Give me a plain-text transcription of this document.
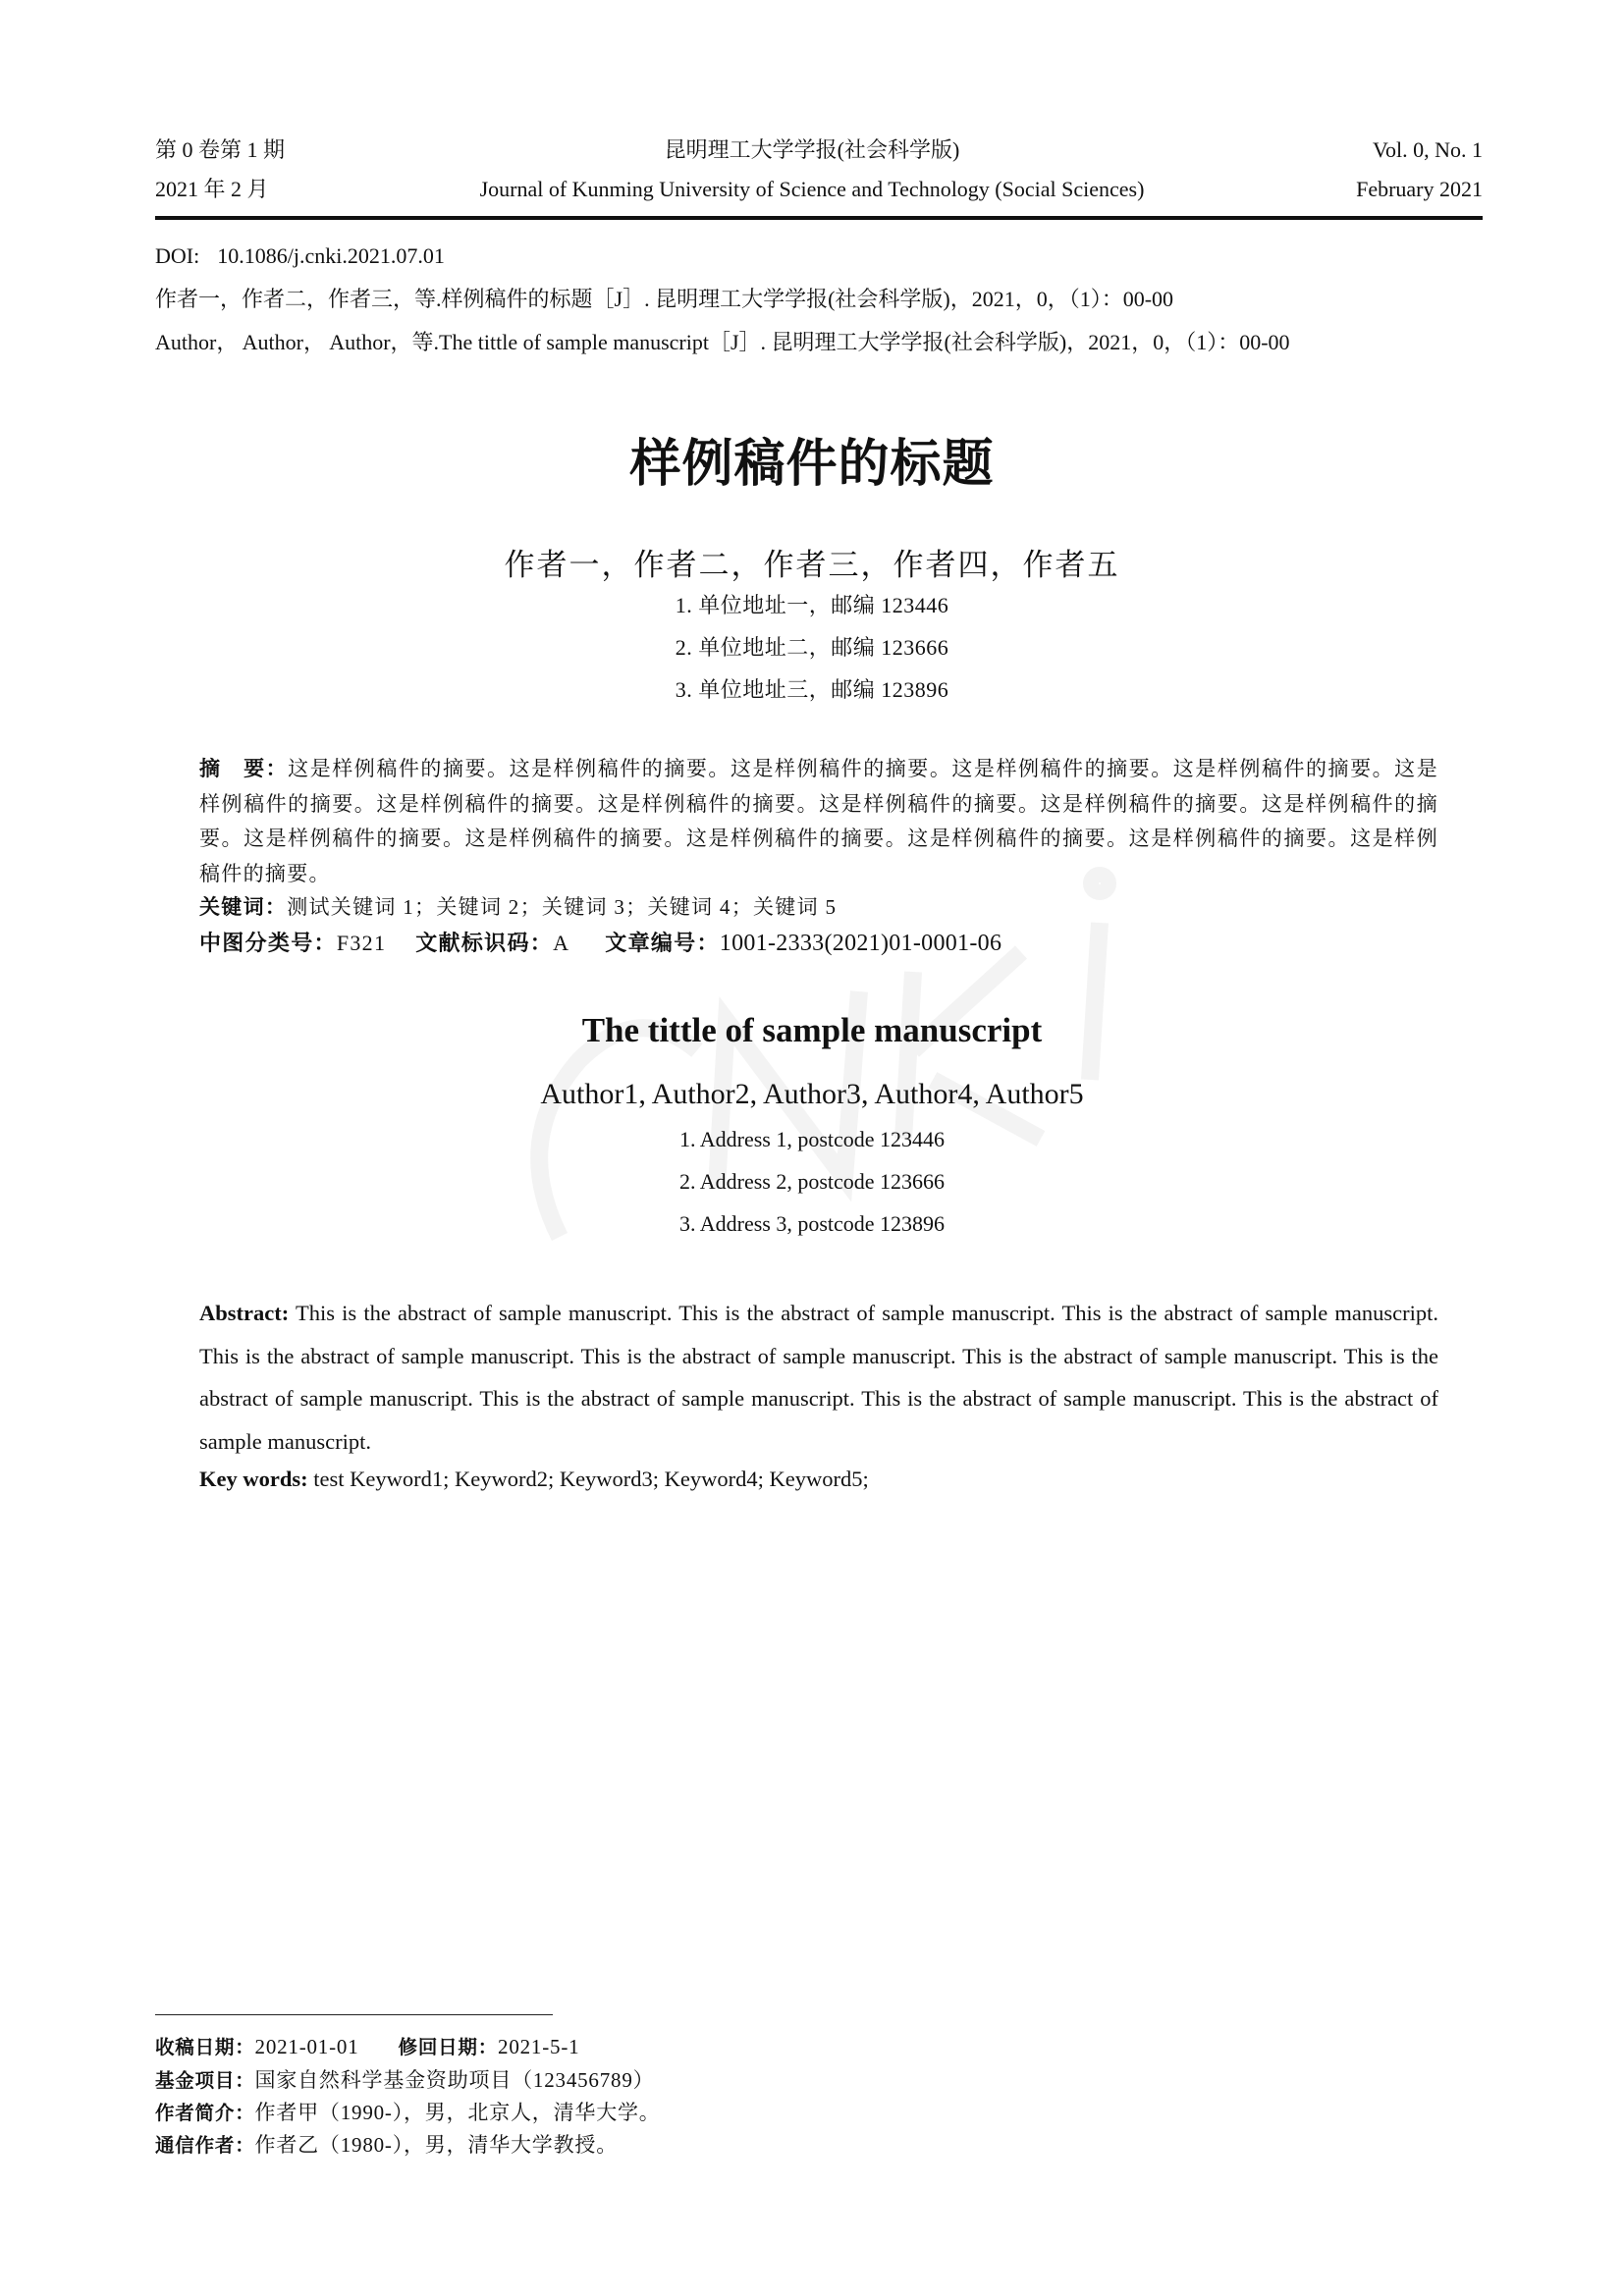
第 0 卷第 1 期
2021 年 2 月
昆明理工大学学报(社会科学版)
Journal of Kunming University of Science and Technology (Social Sciences)
Vol. 0, No. 1
February 2021
DOI: 10.1086/j.cnki.2021.07.01
作者一，作者二，作者三，等.样例稿件的标题［J］. 昆明理工大学学报(社会科学版)，2021，0，（1）：00-00
Author， Author， Author，等.The tittle of sample manuscript［J］. 昆明理工大学学报(社会科学版)，2021，0，（1）：00-00
样例稿件的标题
作者一，作者二，作者三，作者四，作者五
1. 单位地址一，邮编 123446
2. 单位地址二，邮编 123666
3. 单位地址三，邮编 123896
摘　要：这是样例稿件的摘要。这是样例稿件的摘要。这是样例稿件的摘要。这是样例稿件的摘要。这是样例稿件的摘要。这是样例稿件的摘要。这是样例稿件的摘要。这是样例稿件的摘要。这是样例稿件的摘要。这是样例稿件的摘要。这是样例稿件的摘要。这是样例稿件的摘要。这是样例稿件的摘要。这是样例稿件的摘要。这是样例稿件的摘要。这是样例稿件的摘要。这是样例稿件的摘要。
关键词：测试关键词 1；关键词 2；关键词 3；关键词 4；关键词 5
中图分类号：F321 文献标识码：A 文章编号：1001-2333(2021)01-0001-06
The tittle of sample manuscript
Author1, Author2, Author3, Author4, Author5
1. Address 1, postcode 123446
2. Address 2, postcode 123666
3. Address 3, postcode 123896
Abstract: This is the abstract of sample manuscript. This is the abstract of sample manuscript. This is the abstract of sample manuscript. This is the abstract of sample manuscript. This is the abstract of sample manuscript. This is the abstract of sample manuscript. This is the abstract of sample manuscript. This is the abstract of sample manuscript. This is the abstract of sample manuscript. This is the abstract of sample manuscript.
Key words: test Keyword1; Keyword2; Keyword3; Keyword4; Keyword5;
收稿日期：2021-01-01 修回日期：2021-5-1
基金项目：国家自然科学基金资助项目（123456789）
作者简介：作者甲（1990-），男，北京人，清华大学。
通信作者：作者乙（1980-），男，清华大学教授。
